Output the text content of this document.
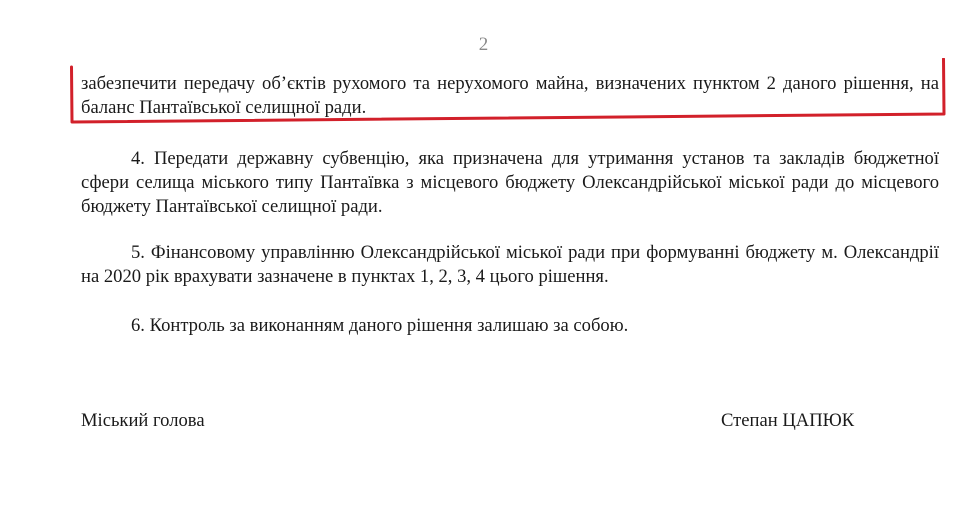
2
забезпечити передачу об’єктів рухомого та нерухомого майна, визначених пунктом 2 даного рішення, на баланс Пантаївської селищної ради.
4. Передати державну субвенцію, яка призначена для утримання установ та закладів бюджетної сфери селища міського типу Пантаївка з місцевого бюджету Олександрійської міської ради до місцевого бюджету Пантаївської селищної ради.
5. Фінансовому управлінню Олександрійської міської ради при формуванні бюджету м. Олександрії на 2020 рік врахувати зазначене в пунктах 1, 2, 3, 4 цього рішення.
6. Контроль за виконанням даного рішення залишаю за собою.
Міський голова	Степан ЦАПЮК
